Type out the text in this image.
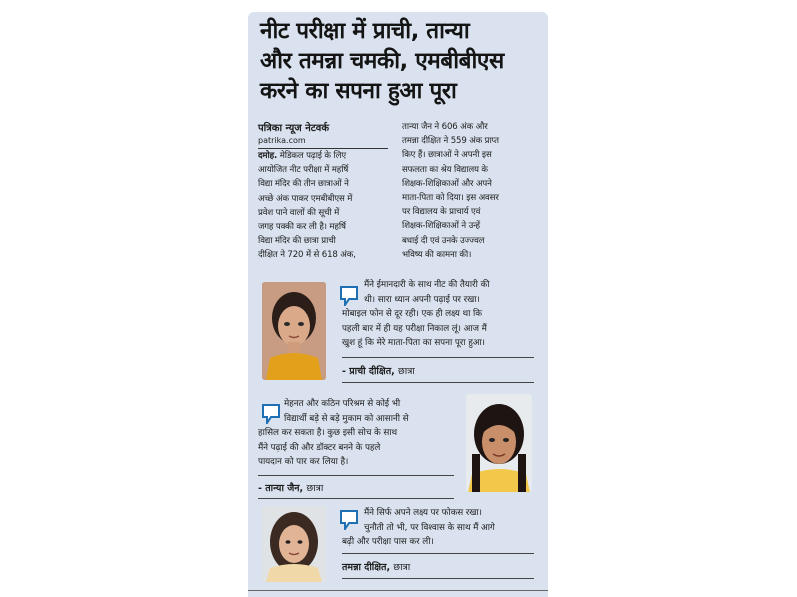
नीट परीक्षा में प्राची, तान्या
और तमन्ना चमकी, एमबीबीएस
करने का सपना हुआ पूरा
पत्रिका न्यूज नेटवर्क
patrika.com
दमोह. मेडिकल पढ़ाई के लिए
आयोजित नीट परीक्षा में महर्षि
विद्या मंदिर की तीन छात्राओं ने
अच्छे अंक पाकर एमबीबीएस में
प्रवेश पाने वालों की सूची में
जगह पक्की कर ली है। महर्षि
विद्या मंदिर की छात्रा प्राची
दीक्षित ने 720 में से 618 अंक,
तान्या जैन ने 606 अंक और
तमन्ना दीक्षित ने 559 अंक प्राप्त
किए हैं। छात्राओं ने अपनी इस
सफलता का श्रेय विद्यालय के
शिक्षक-शिक्षिकाओं और अपने
माता-पिता को दिया। इस अवसर
पर विद्यालय के प्राचार्य एवं
शिक्षक-शिक्षिकाओं ने उन्हें
बधाई दी एवं उनके उज्ज्वल
भविष्य की कामना की।
मैंने ईमानदारी के साथ नीट की तैयारी की
थी। सारा ध्यान अपनी पढ़ाई पर रखा।
मोबाइल फोन से दूर रही। एक ही लक्ष्य था कि
पहली बार में ही यह परीक्षा निकाल लूं। आज मैं
खुश हूं कि मेरे माता-पिता का सपना पूरा हुआ।
- प्राची दीक्षित, छात्रा
मेहनत और कठिन परिश्रम से कोई भी
विद्यार्थी बड़े से बड़े मुकाम को आसानी से
हासिल कर सकता है। कुछ इसी सोच के साथ
मैंने पढ़ाई की और डॉक्टर बनने के पहले
पायदान को पार कर लिया है।
- तान्या जैन, छात्रा
मैंने सिर्फ अपने लक्ष्य पर फोकस रखा।
चुनौती तो भी, पर विश्वास के साथ मैं आगे
बढ़ी और परीक्षा पास कर ली।
तमन्ना दीक्षित, छात्रा
